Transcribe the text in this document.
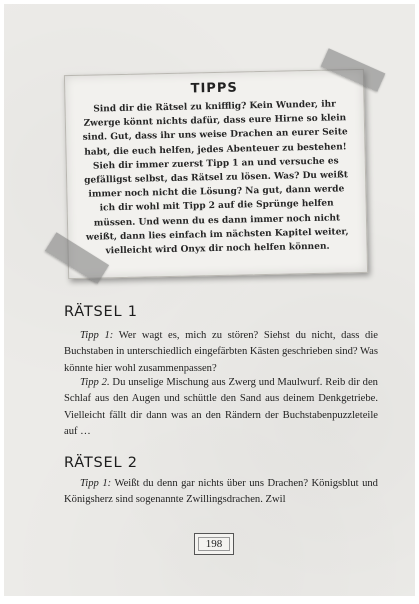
TIPPS

Sind dir die Rätsel zu knifflig? Kein Wunder, ihr Zwerge könnt nichts dafür, dass eure Hirne so klein sind. Gut, dass ihr uns weise Drachen an eurer Seite habt, die euch helfen, jedes Abenteuer zu bestehen! Sieh dir immer zuerst Tipp 1 an und versuche es gefälligst selbst, das Rätsel zu lösen. Was? Du weißt immer noch nicht die Lösung? Na gut, dann werde ich dir wohl mit Tipp 2 auf die Sprünge helfen müssen. Und wenn du es dann immer noch nicht weißt, dann lies einfach im nächsten Kapitel weiter, vielleicht wird Onyx dir noch helfen können.

RÄTSEL 1

Tipp 1: Wer wagt es, mich zu stören? Siehst du nicht, dass die Buchstaben in unterschiedlich eingefärbten Kästen geschrieben sind? Was könnte hier wohl zusammenpassen?

Tipp 2. Du unselige Mischung aus Zwerg und Maulwurf. Reib dir den Schlaf aus den Augen und schüttle den Sand aus deinem Denkgetriebe. Vielleicht fällt dir dann was an den Rändern der Buchstabenpuzzleteile auf …

RÄTSEL 2

Tipp 1: Weißt du denn gar nichts über uns Drachen? Königsblut und Königsherz sind sogenannte Zwillingsdrachen. Zwil

198
